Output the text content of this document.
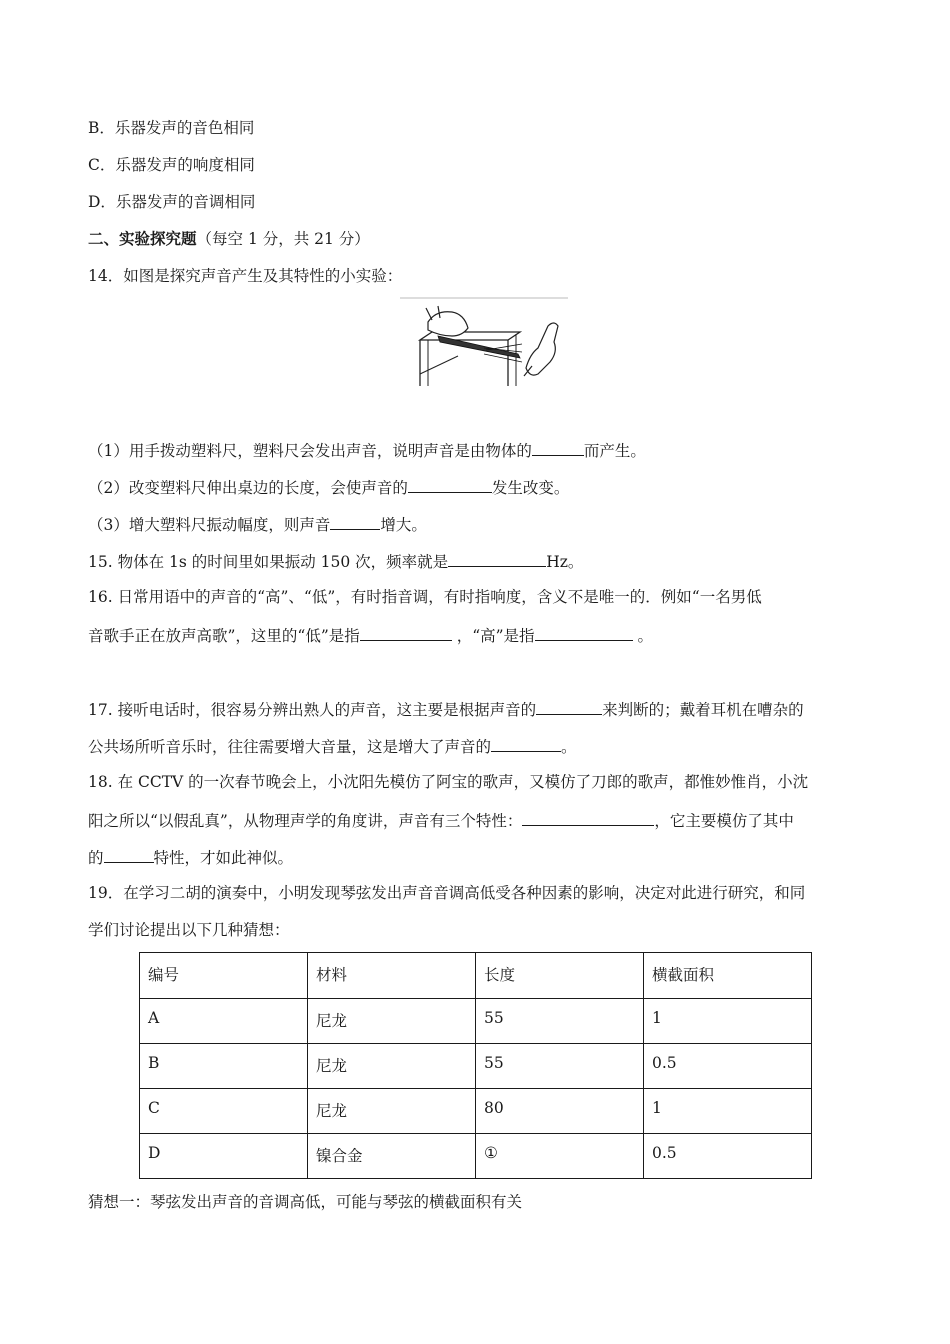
B．乐器发声的音色相同
C．乐器发声的响度相同
D．乐器发声的音调相同
二、实验探究题（每空 1 分，共 21 分）
14．如图是探究声音产生及其特性的小实验：
（1）用手拨动塑料尺，塑料尺会发出声音，说明声音是由物体的	而产生。
（2）改变塑料尺伸出桌边的长度，会使声音的	发生改变。
（3）增大塑料尺振动幅度，则声音	增大。
15. 物体在 1s 的时间里如果振动 150 次，频率就是	Hz。
16. 日常用语中的声音的“高”、“低”，有时指音调，有时指响度，含义不是唯一的．例如“一名男低
音歌手正在放声高歌”，这里的“低”是指	，“高”是指	。
17. 接听电话时，很容易分辨出熟人的声音，这主要是根据声音的	来判断的；戴着耳机在嘈杂的
公共场所听音乐时，往往需要增大音量，这是增大了声音的	。
18. 在 CCTV 的一次春节晚会上，小沈阳先模仿了阿宝的歌声，又模仿了刀郎的歌声，都惟妙惟肖，小沈
阳之所以“以假乱真”，从物理声学的角度讲，声音有三个特性：	，它主要模仿了其中
的	特性，才如此神似。
19．在学习二胡的演奏中，小明发现琴弦发出声音音调高低受各种因素的影响，决定对此进行研究，和同
学们讨论提出以下几种猜想：
编号	材料	长度	横截面积
A	尼龙	55	1
B	尼龙	55	0.5
C	尼龙	80	1
D	镍合金	①	0.5
猜想一：琴弦发出声音的音调高低，可能与琴弦的横截面积有关
